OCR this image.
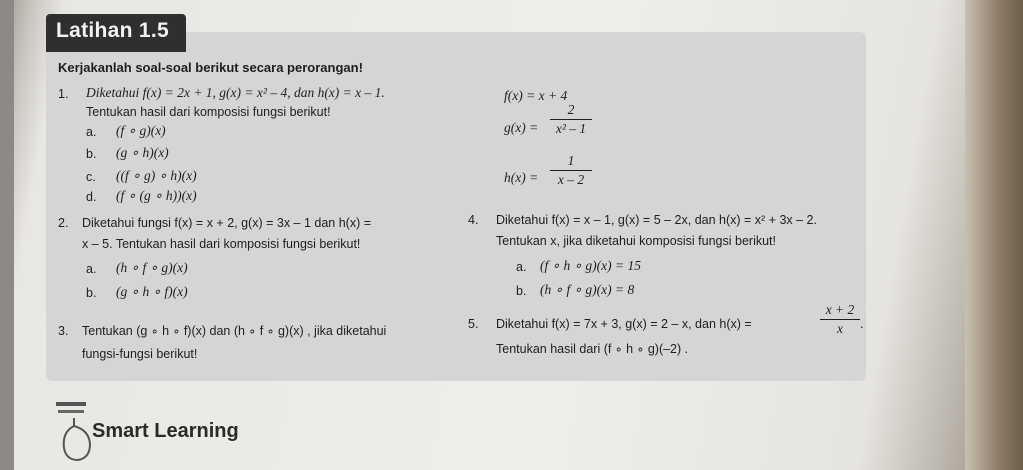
Kerjakanlah soal-soal berikut secara perorangan!
1. Diketahui f(x) = 2x + 1, g(x) = x² – 4, dan h(x) = x – 1.
Tentukan hasil dari komposisi fungsi berikut!
a. (f ∘ g)(x)
b. (g ∘ h)(x)
c. ((f ∘ g) ∘ h)(x)
d. (f ∘ (g ∘ h))(x)
f(x) = x + 4
g(x) =
2
x² – 1
h(x) =
1
x – 2
2. Diketahui fungsi f(x) = x + 2, g(x) = 3x – 1 dan h(x) =
x – 5. Tentukan hasil dari komposisi fungsi berikut!
a. (h ∘ f ∘ g)(x)
b. (g ∘ h ∘ f)(x)
4. Diketahui f(x) = x – 1, g(x) = 5 – 2x, dan h(x) = x² + 3x – 2.
Tentukan x, jika diketahui komposisi fungsi berikut!
a. (f ∘ h ∘ g)(x) = 15
b. (h ∘ f ∘ g)(x) = 8
3. Tentukan (g ∘ h ∘ f)(x) dan (h ∘ f ∘ g)(x) , jika diketahui
fungsi-fungsi berikut!
5. Diketahui f(x) = 7x + 3, g(x) = 2 – x, dan h(x) =
x + 2
x	.
Tentukan hasil dari (f ∘ h ∘ g)(–2) .
Latihan 1.5
Smart Learning
